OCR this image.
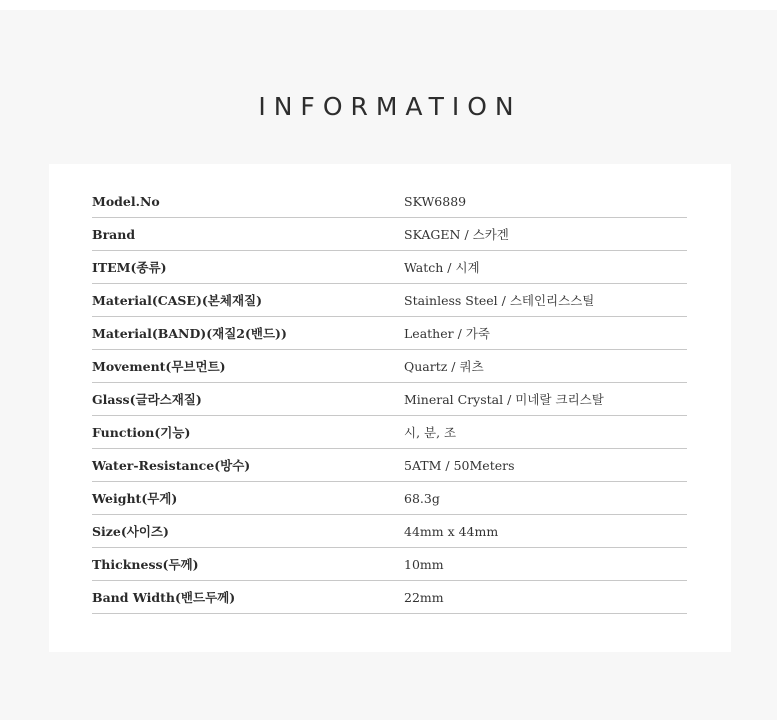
INFORMATION
Model.No	SKW6889
Brand	SKAGEN / 스카겐
ITEM(종류)	Watch / 시계
Material(CASE)(본체재질)	Stainless Steel / 스테인리스스틸
Material(BAND)(재질2(밴드))	Leather / 가죽
Movement(무브먼트)	Quartz / 쿼츠
Glass(글라스재질)	Mineral Crystal / 미네랄 크리스탈
Function(기능)	시, 분, 조
Water-Resistance(방수)	5ATM / 50Meters
Weight(무게)	68.3g
Size(사이즈)	44mm x 44mm
Thickness(두께)	10mm
Band Width(밴드두께)	22mm
